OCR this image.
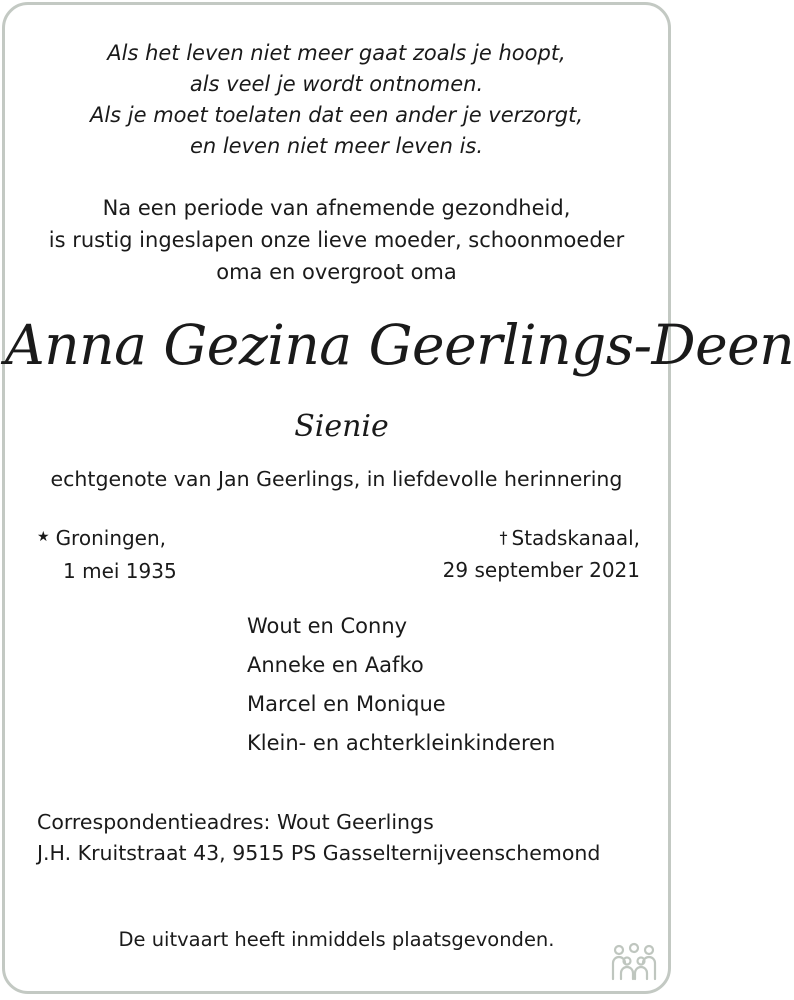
Als het leven niet meer gaat zoals je hoopt,
als veel je wordt ontnomen.
Als je moet toelaten dat een ander je verzorgt,
en leven niet meer leven is.
Na een periode van afnemende gezondheid,
is rustig ingeslapen onze lieve moeder, schoonmoeder
oma en overgroot oma
Anna Gezina Geerlings-Deen
Sienie
echtgenote van Jan Geerlings, in liefdevolle herinnering
★ Groningen,
1 mei 1935
† Stadskanaal,
29 september 2021
Wout en Conny
Anneke en Aafko
Marcel en Monique
Klein- en achterkleinkinderen
Correspondentieadres: Wout Geerlings
J.H. Kruitstraat 43, 9515 PS Gasselternijveenschemond
De uitvaart heeft inmiddels plaatsgevonden.
